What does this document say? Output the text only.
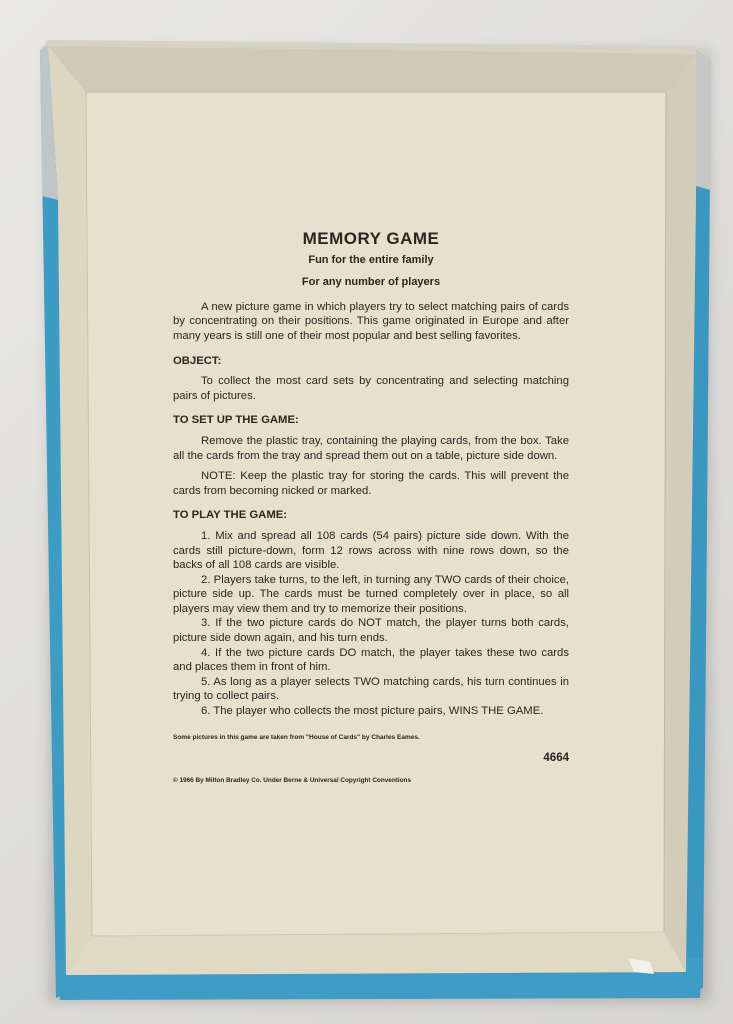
MEMORY GAME
Fun for the entire family
For any number of players

A new picture game in which players try to select matching pairs of cards by concentrating on their positions. This game originated in Europe and after many years is still one of their most popular and best selling favorites.

OBJECT:

To collect the most card sets by concentrating and selecting matching pairs of pictures.

TO SET UP THE GAME:

Remove the plastic tray, containing the playing cards, from the box. Take all the cards from the tray and spread them out on a table, picture side down.

NOTE: Keep the plastic tray for storing the cards. This will prevent the cards from becoming nicked or marked.

TO PLAY THE GAME:

1. Mix and spread all 108 cards (54 pairs) picture side down. With the cards still picture-down, form 12 rows across with nine rows down, so the backs of all 108 cards are visible.

2. Players take turns, to the left, in turning any TWO cards of their choice, picture side up. The cards must be turned completely over in place, so all players may view them and try to memorize their positions.

3. If the two picture cards do NOT match, the player turns both cards, picture side down again, and his turn ends.

4. If the two picture cards DO match, the player takes these two cards and places them in front of him.

5. As long as a player selects TWO matching cards, his turn continues in trying to collect pairs.

6. The player who collects the most picture pairs, WINS THE GAME.

Some pictures in this game are taken from "House of Cards" by Charles Eames.
4664
© 1966 By Milton Bradley Co. Under Berne & Universal Copyright Conventions
